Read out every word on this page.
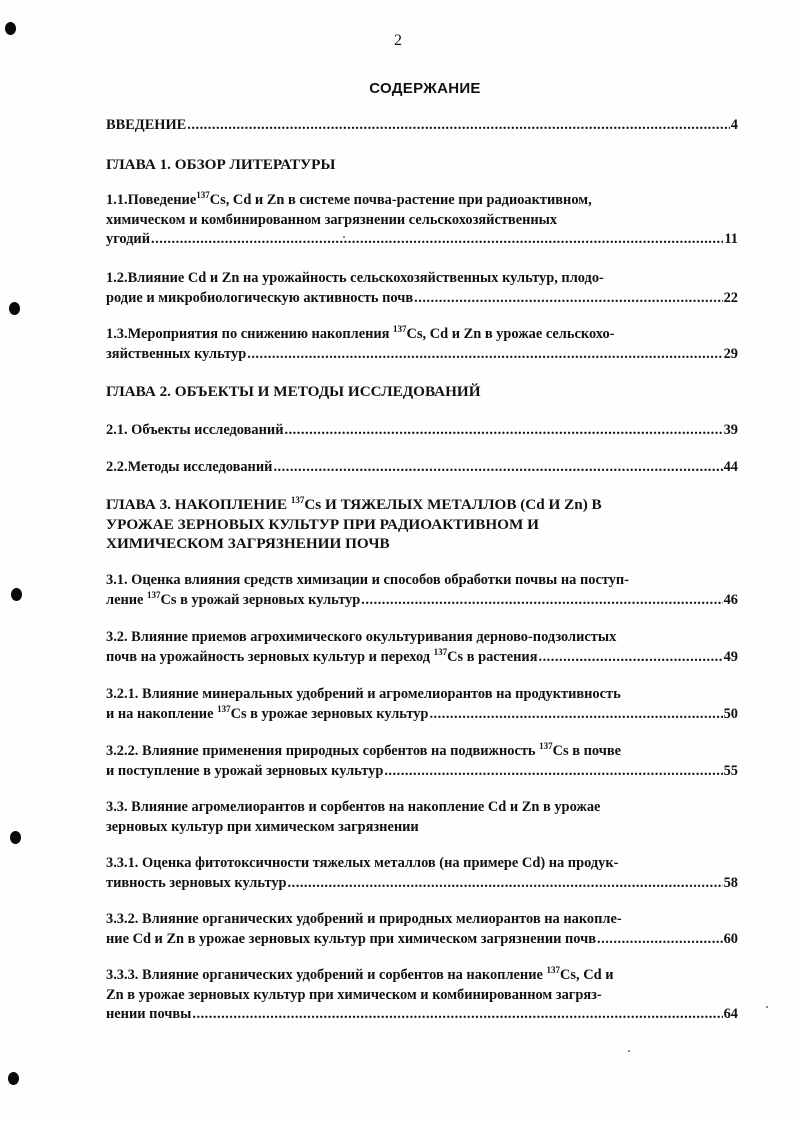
2
СОДЕРЖАНИЕ
ВВЕДЕНИЕ .....	4
ГЛАВА 1. ОБЗОР ЛИТЕРАТУРЫ
1.1.Поведение$^{137}$Cs, Cd и Zn в системе почва-растение при радиоактивном,
химическом и комбинированном загрязнении сельскохозяйственных
угодий .....	11
1.2.Влияние Cd и Zn на урожайность сельскохозяйственных культур, плодо-
родие и микробиологическую активность почв .....	22
1.3.Мероприятия по снижению накопления $^{137}$Cs, Cd и Zn в урожае сельскохо-
зяйственных культур .....	29
ГЛАВА 2. ОБЪЕКТЫ И МЕТОДЫ ИССЛЕДОВАНИЙ
2.1. Объекты исследований .....	39
2.2.Методы исследований .....	44
ГЛАВА 3. НАКОПЛЕНИЕ $^{137}$Cs И ТЯЖЕЛЫХ МЕТАЛЛОВ (Cd И Zn) В
УРОЖАЕ ЗЕРНОВЫХ КУЛЬТУР ПРИ РАДИОАКТИВНОМ И
ХИМИЧЕСКОМ ЗАГРЯЗНЕНИИ ПОЧВ
3.1. Оценка влияния средств химизации и способов обработки почвы на поступ-
ление $^{137}$Cs в урожай зерновых культур .....	46
3.2. Влияние приемов агрохимического окультуривания дерново-подзолистых
почв на урожайность зерновых культур и переход $^{137}$Cs в растения .....	49
3.2.1. Влияние минеральных удобрений и агромелиорантов на продуктивность
и на накопление $^{137}$Cs в урожае зерновых культур .....	50
3.2.2. Влияние применения природных сорбентов на подвижность $^{137}$Cs в почве
и поступление в урожай зерновых культур .....	55
3.3. Влияние агромелиорантов и сорбентов на накопление Cd и Zn в урожае
зерновых культур при химическом загрязнении
3.3.1. Оценка фитотоксичности тяжелых металлов (на примере Cd) на продук-
тивность зерновых культур .....	58
3.3.2. Влияние органических удобрений и природных мелиорантов на накопле-
ние Cd и Zn в урожае зерновых культур при химическом загрязнении почв .....	60
3.3.3. Влияние органических удобрений и сорбентов на накопление $^{137}$Cs, Cd и
Zn в урожае зерновых культур при химическом и комбинированном загряз-
нении почвы .....	64
